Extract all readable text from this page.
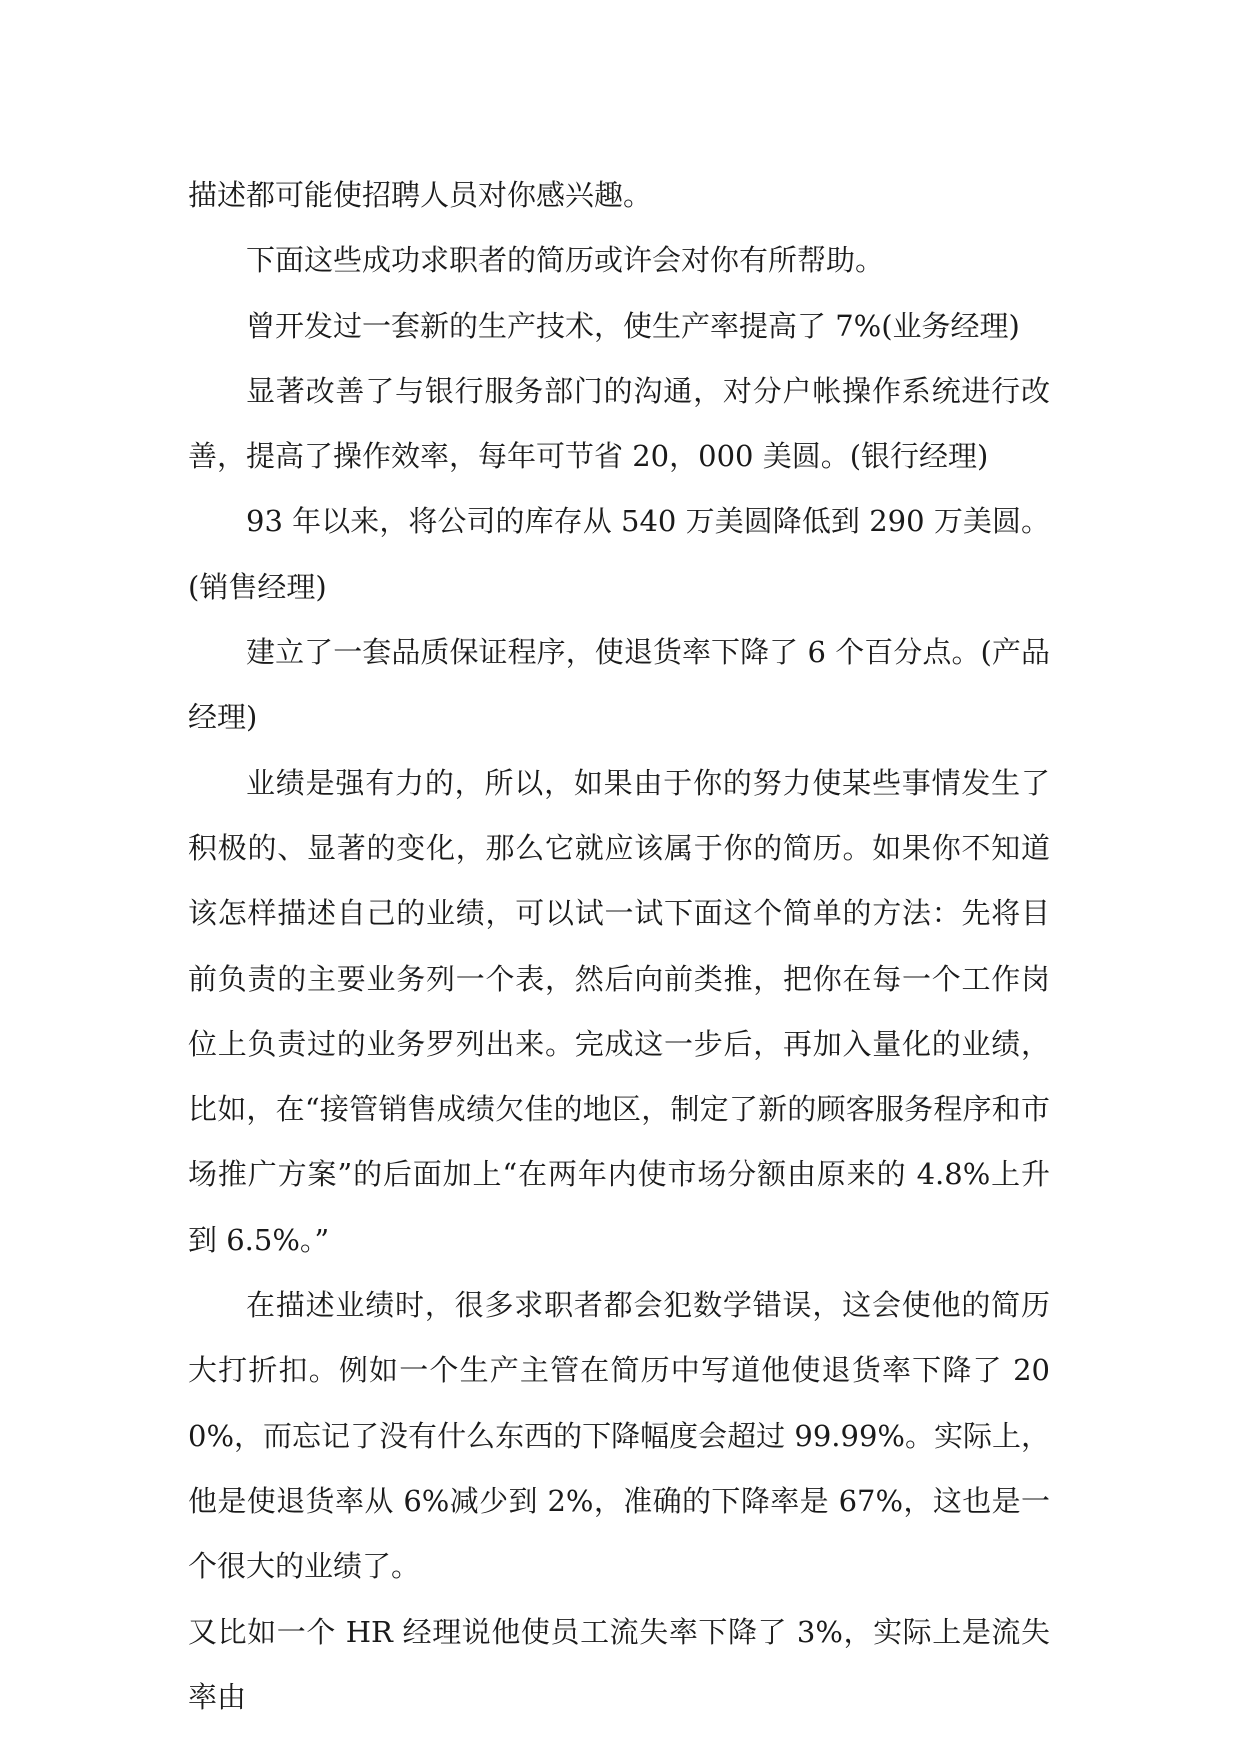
描述都可能使招聘人员对你感兴趣。

下面这些成功求职者的简历或许会对你有所帮助。

曾开发过一套新的生产技术，使生产率提高了 7%(业务经理)

显著改善了与银行服务部门的沟通，对分户帐操作系统进行改善，提高了操作效率，每年可节省 20，000 美圆。(银行经理)

93 年以来，将公司的库存从 540 万美圆降低到 290 万美圆。(销售经理)

建立了一套品质保证程序，使退货率下降了 6 个百分点。(产品经理)

业绩是强有力的，所以，如果由于你的努力使某些事情发生了积极的、显著的变化，那么它就应该属于你的简历。如果你不知道该怎样描述自己的业绩，可以试一试下面这个简单的方法：先将目前负责的主要业务列一个表，然后向前类推，把你在每一个工作岗位上负责过的业务罗列出来。完成这一步后，再加入量化的业绩，比如，在“接管销售成绩欠佳的地区，制定了新的顾客服务程序和市场推广方案”的后面加上“在两年内使市场分额由原来的 4.8%上升到 6.5%。”

在描述业绩时，很多求职者都会犯数学错误，这会使他的简历大打折扣。例如一个生产主管在简历中写道他使退货率下降了 200%，而忘记了没有什么东西的下降幅度会超过 99.99%。实际上，他是使退货率从 6%减少到 2%，准确的下降率是 67%，这也是一个很大的业绩了。

又比如一个 HR 经理说他使员工流失率下降了 3%，实际上是流失率由
